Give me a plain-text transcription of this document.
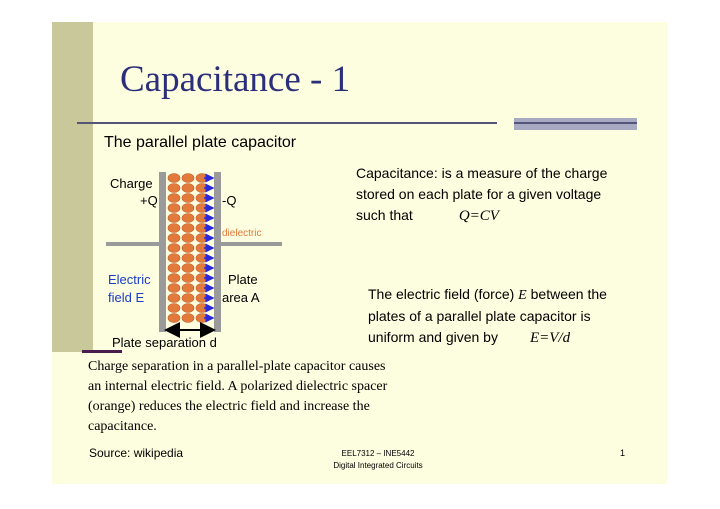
Capacitance - 1
The parallel plate capacitor
Capacitance: is a measure of the charge
stored on each plate for a given voltage
such that	Q=CV
The electric field (force) E between the
plates of a parallel plate capacitor is
uniform and given by E=V/d
Charge
+Q	-Q
dielectric
Electric
field E
Plate
area A
Plate separation d
Charge separation in a parallel-plate capacitor causes an internal electric field. A polarized dielectric spacer (orange) reduces the electric field and increase the capacitance.
Source: wikipedia	EEL7312 – INE5442
Digital Integrated Circuits
1
